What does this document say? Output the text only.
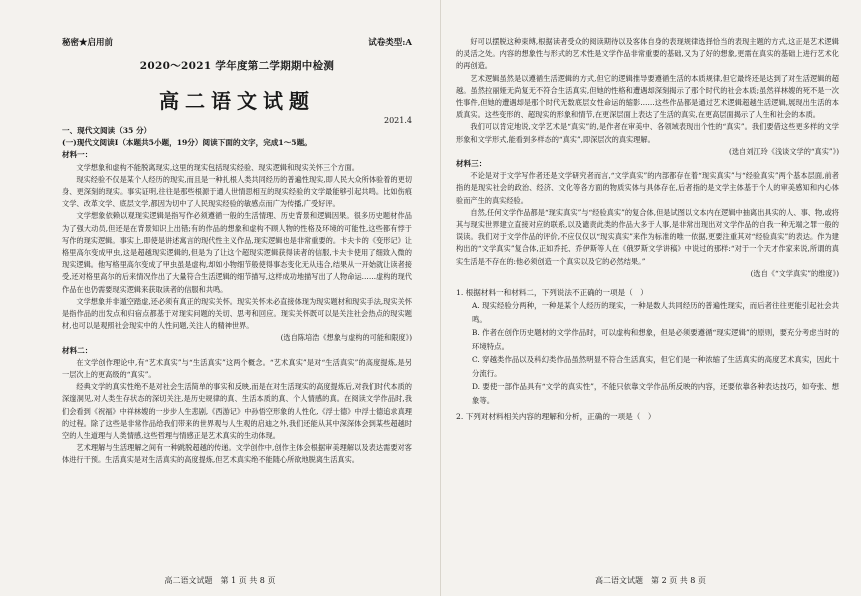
秘密★启用前	试卷类型:A
2020～2021 学年度第二学期期中检测
高二语文试题
2021.4

一、现代文阅读（35 分）

(一)现代文阅读Ⅰ（本题共5小题，19分）阅读下面的文字，完成1～5题。

材料一：

文学想象和虚构不能脱离现实,这里的现实包括现实经验、现实逻辑和现实关怀三个方面。

现实经验不仅是某个人经历的现实,而且是一种扎根人类共同经历的普遍性现实,即人民大众所体验着的更切身、更深刻的现实。事实证明,往往是那些根源于通人世情思相互的现实经验的文学最能够引起共鸣。比如伤痕文学、改革文学、底层文学,都因为切中了人民现实经验的敏感点而广为传播,广受好评。

文学想象依赖以观现实逻辑是指写作必须遵循一般的生活情理、历史背景和逻辑因果。很多历史题材作品为了强大动员,但还是在背景知识上出错;有的作品的想象和虚构不顾人物的性格及环境的可能性,这些都有悖于写作的现实逻辑。事实上,即使是讲述寓言的现代性主义作品,现实逻辑也是非常重要的。卡夫卡的《变形记》让格里高尔变成甲虫,这是超越现实逻辑的,但是为了让这个超现实逻辑获得读者的信服,卡夫卡使用了细致入微的现实逻辑。他写格里高尔变成了甲虫虽是虚构,却如小物细节般使得事态变化无从违合,结果从一开始就让读者接受,还对格里高尔的后来情况作出了大量符合生活逻辑的细节描写,这样成功地描写出了人物命运……虚构的现代作品在也仍需要现实逻辑来获取读者的信服和共鸣。

文学想象并非遁空踏虚,还必须有真正的现实关怀。现实关怀未必直接体现为现实题材和现实手法,现实关怀是指作品的出发点和归宿点都基于对现实问题的关切、思考和回应。现实关怀既可以是关注社会热点的现实题材,也可以是观照社会现实中的人性问题,关注人的精神世界。

(选自陈培浩《想象与虚构的可能和限度》)

材料二：

在文学创作理论中,有“艺术真实”与“生活真实”这两个概念。“艺术真实”是对“生活真实”的高度提炼,是另一层次上的更高级的“真实”。

经典文学的真实性绝不是对社会生活简单的事实和反映,而是在对生活现实的高度提炼后,对我们时代本质的深邃洞见,对人类生存状态的深切关注,是历史规律的真、生活本质的真、个人情感的真。在阅读文学作品时,我们会看到《祝福》中祥林嫂的一步步人生悲剧,《西游记》中孙悟空形象的人性化,《浮士德》中浮士德追求真理的过程。除了这些是非常作品给我们带来的世界观与人生观的启迪之外,我们还能从其中深深体会到某些超越时空的人生道理与人类情感,这些哲理与情感正是艺术真实的生动体现。

艺术理解与生活理解之间有一种跳脱超越的传递。文学创作中,创作主体会根据审美理解以及表达需要对客体进行干预。生活真实是对生活真实的高度提炼,但艺术真实绝不能随心所欲地脱离生活真实。

高二语文试题　第 1 页 共 8 页

好可以摆脱这种束缚,根据读者受众的阅读期待以及客体自身的表现规律选择恰当的表现主题的方式,这正是艺术逻辑的灵活之处。内容的想象性与形式的艺术性是文学作品非常重要的基础,又为了好的想象,更需在真实的基础上进行艺术化的再创造。

艺术逻辑虽然是以遵循生活逻辑的方式,但它的逻辑推导要遵循生活的本质规律,但它最终还是达到了对生活逻辑的超越。虽然拉丽娅无尚复无不符合生活真实,但她的性格和遭遇却深刻揭示了那个时代的社会本质;虽然祥林嫂的死不是一次性事件,但她的遭遇却是那个时代无数底层女性命运的缩影……这些作品都是通过艺术逻辑超越生活逻辑,展现出生活的本质真实。这些变形的、超现实的形象和情节,在更深层面上表达了生活的真实,在更高层面揭示了人生和社会的本质。

我们可以肯定地说,文学艺术是“真实”的,是作者在审美中、各领域表现出个性的“真实”。我们要借这些更多样的文学形象和文学形式,能看到多样态的“真实”,即深层次的真实理解。

(选自刘江玲《浅谈文学的“真实”》)

材料三：

不论是对于文学写作者还是文学研究者而言,“文学真实”的内部都存在着“现实真实”与“经验真实”两个基本层面,前者指的是现实社会的政治、经济、文化等各方面的物质实体与具体存在,后者指的是文学主体基于个人的审美感知和内心体验而产生的真实经验。

自然,任何文学作品都是“现实真实”与“经验真实”的复合体,但是试图以文本内在逻辑中抽离出具实的人、事、物,或将其与现实世界建立直接对应的联系,以及谴责此类的作品大多于人事,是非常出现出对文学作品的自我一种无端之罪一般的误读。我们对于文学作品的评价,不应仅仅以“现实真实”来作为标准的唯一依据,更要注重其对“经验真实”的表达。作为建构出的“文学真实”复合体,正如乔托、乔伊斯等人在《俄罗斯文学讲稿》中说过的那样:“对于一个天才作家来说,所谓的真实生活是不存在的:他必须创造一个真实以及它的必然结果。”

(选自《“文学真实”的维度》)

1. 根据材料一和材料二，下列说法不正确的一项是（　）

A. 现实经验分两种，一种是某个人经历的现实，一种是数人共同经历的普遍性现实，而后者往往更能引起社会共鸣。

B. 作者在创作历史题材的文学作品时，可以虚构和想象，但是必须要遵循“现实逻辑”的原则，要充分考虑当时的环境特点。

C. 穿越类作品以及科幻类作品虽然明显不符合生活真实，但它们是一种浓缩了生活真实的高度艺术真实，因此十分流行。

D. 要使一部作品具有“文学的真实性”，不能只依靠文学作品所反映的内容，还要依靠各种表达技巧，如夸张、想象等。

2. 下列对材料相关内容的理解和分析，正确的一项是（　）

高二语文试题　第 2 页 共 8 页
